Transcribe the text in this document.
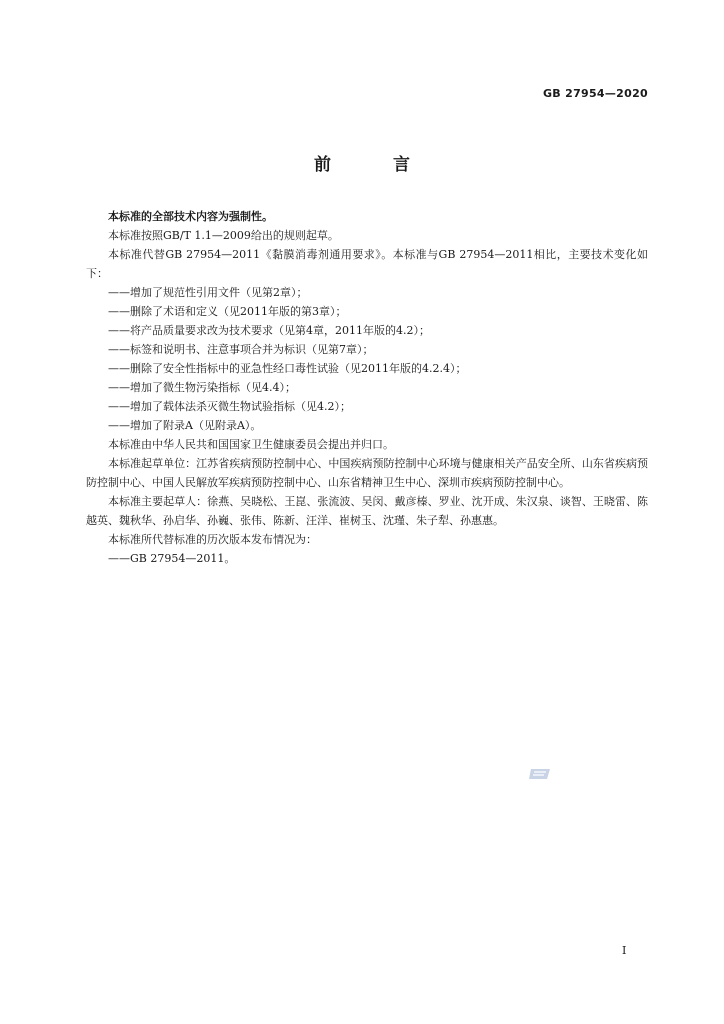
GB 27954—2020
前 言

本标准的全部技术内容为强制性。

本标准按照GB/T 1.1—2009给出的规则起草。

本标准代替GB 27954—2011《黏膜消毒剂通用要求》。本标准与GB 27954—2011相比，主要技术变化如下：

——增加了规范性引用文件（见第2章）；

——删除了术语和定义（见2011年版的第3章）；

——将产品质量要求改为技术要求（见第4章，2011年版的4.2）；

——标签和说明书、注意事项合并为标识（见第7章）；

——删除了安全性指标中的亚急性经口毒性试验（见2011年版的4.2.4）；

——增加了微生物污染指标（见4.4）；

——增加了载体法杀灭微生物试验指标（见4.2）；

——增加了附录A（见附录A）。

本标准由中华人民共和国国家卫生健康委员会提出并归口。

本标准起草单位：江苏省疾病预防控制中心、中国疾病预防控制中心环境与健康相关产品安全所、山东省疾病预防控制中心、中国人民解放军疾病预防控制中心、山东省精神卫生中心、深圳市疾病预防控制中心。

本标准主要起草人：徐燕、吴晓松、王崑、张流波、吴闵、戴彦榛、罗业、沈开成、朱汉泉、谈智、王晓雷、陈越英、魏秋华、孙启华、孙巍、张伟、陈新、汪洋、崔树玉、沈瑾、朱子犁、孙惠惠。

本标准所代替标准的历次版本发布情况为：

——GB 27954—2011。

I
